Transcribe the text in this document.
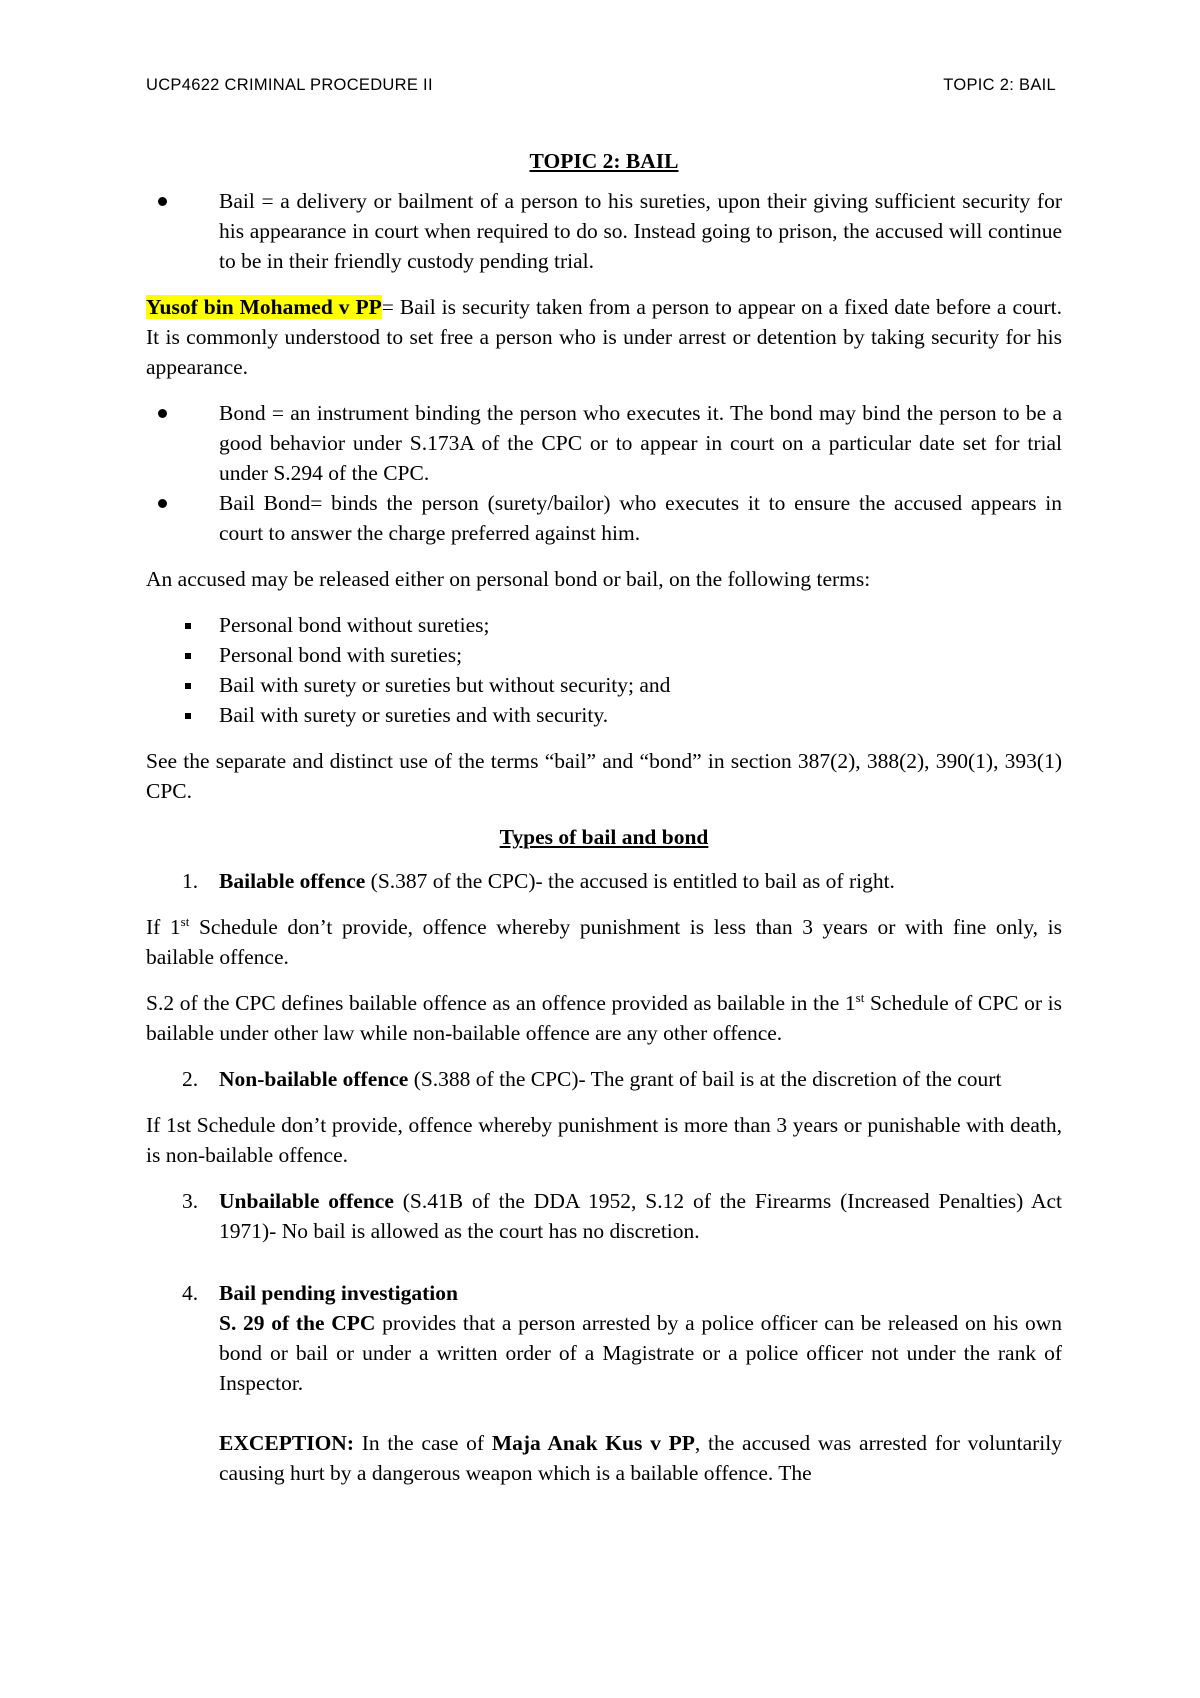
UCP4622 CRIMINAL PROCEDURE II	TOPIC 2: BAIL
TOPIC 2: BAIL
Bail = a delivery or bailment of a person to his sureties, upon their giving sufficient security for his appearance in court when required to do so. Instead going to prison, the accused will continue to be in their friendly custody pending trial.
Yusof bin Mohamed v PP= Bail is security taken from a person to appear on a fixed date before a court. It is commonly understood to set free a person who is under arrest or detention by taking security for his appearance.
Bond = an instrument binding the person who executes it. The bond may bind the person to be a good behavior under S.173A of the CPC or to appear in court on a particular date set for trial under S.294 of the CPC.
Bail Bond= binds the person (surety/bailor) who executes it to ensure the accused appears in court to answer the charge preferred against him.
An accused may be released either on personal bond or bail, on the following terms:
Personal bond without sureties;
Personal bond with sureties;
Bail with surety or sureties but without security; and
Bail with surety or sureties and with security.
See the separate and distinct use of the terms “bail” and “bond” in section 387(2), 388(2), 390(1), 393(1) CPC.
Types of bail and bond
1. Bailable offence (S.387 of the CPC)- the accused is entitled to bail as of right.
If 1st Schedule don’t provide, offence whereby punishment is less than 3 years or with fine only, is bailable offence.
S.2 of the CPC defines bailable offence as an offence provided as bailable in the 1st Schedule of CPC or is bailable under other law while non-bailable offence are any other offence.
2. Non-bailable offence (S.388 of the CPC)- The grant of bail is at the discretion of the court
If 1st Schedule don’t provide, offence whereby punishment is more than 3 years or punishable with death, is non-bailable offence.
3. Unbailable offence (S.41B of the DDA 1952, S.12 of the Firearms (Increased Penalties) Act 1971)- No bail is allowed as the court has no discretion.
4. Bail pending investigation
S. 29 of the CPC provides that a person arrested by a police officer can be released on his own bond or bail or under a written order of a Magistrate or a police officer not under the rank of Inspector.
EXCEPTION: In the case of Maja Anak Kus v PP, the accused was arrested for voluntarily causing hurt by a dangerous weapon which is a bailable offence. The
